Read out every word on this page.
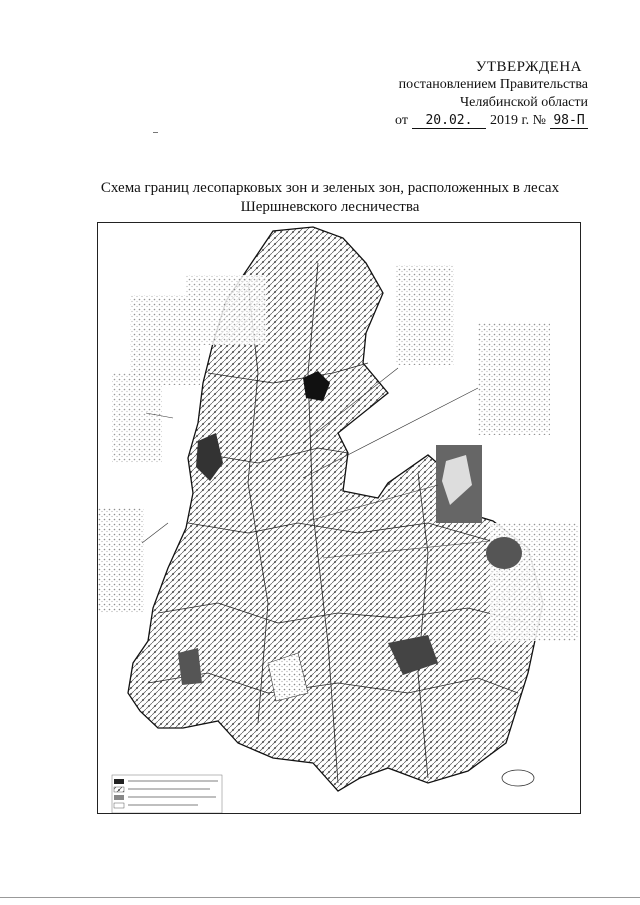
УТВЕРЖДЕНА
постановлением Правительства
Челябинской области
от	20.02.	2019 г. № 98-П
Схема границ лесопарковых зон и зеленых зон, расположенных в лесах
Шершневского лесничества
